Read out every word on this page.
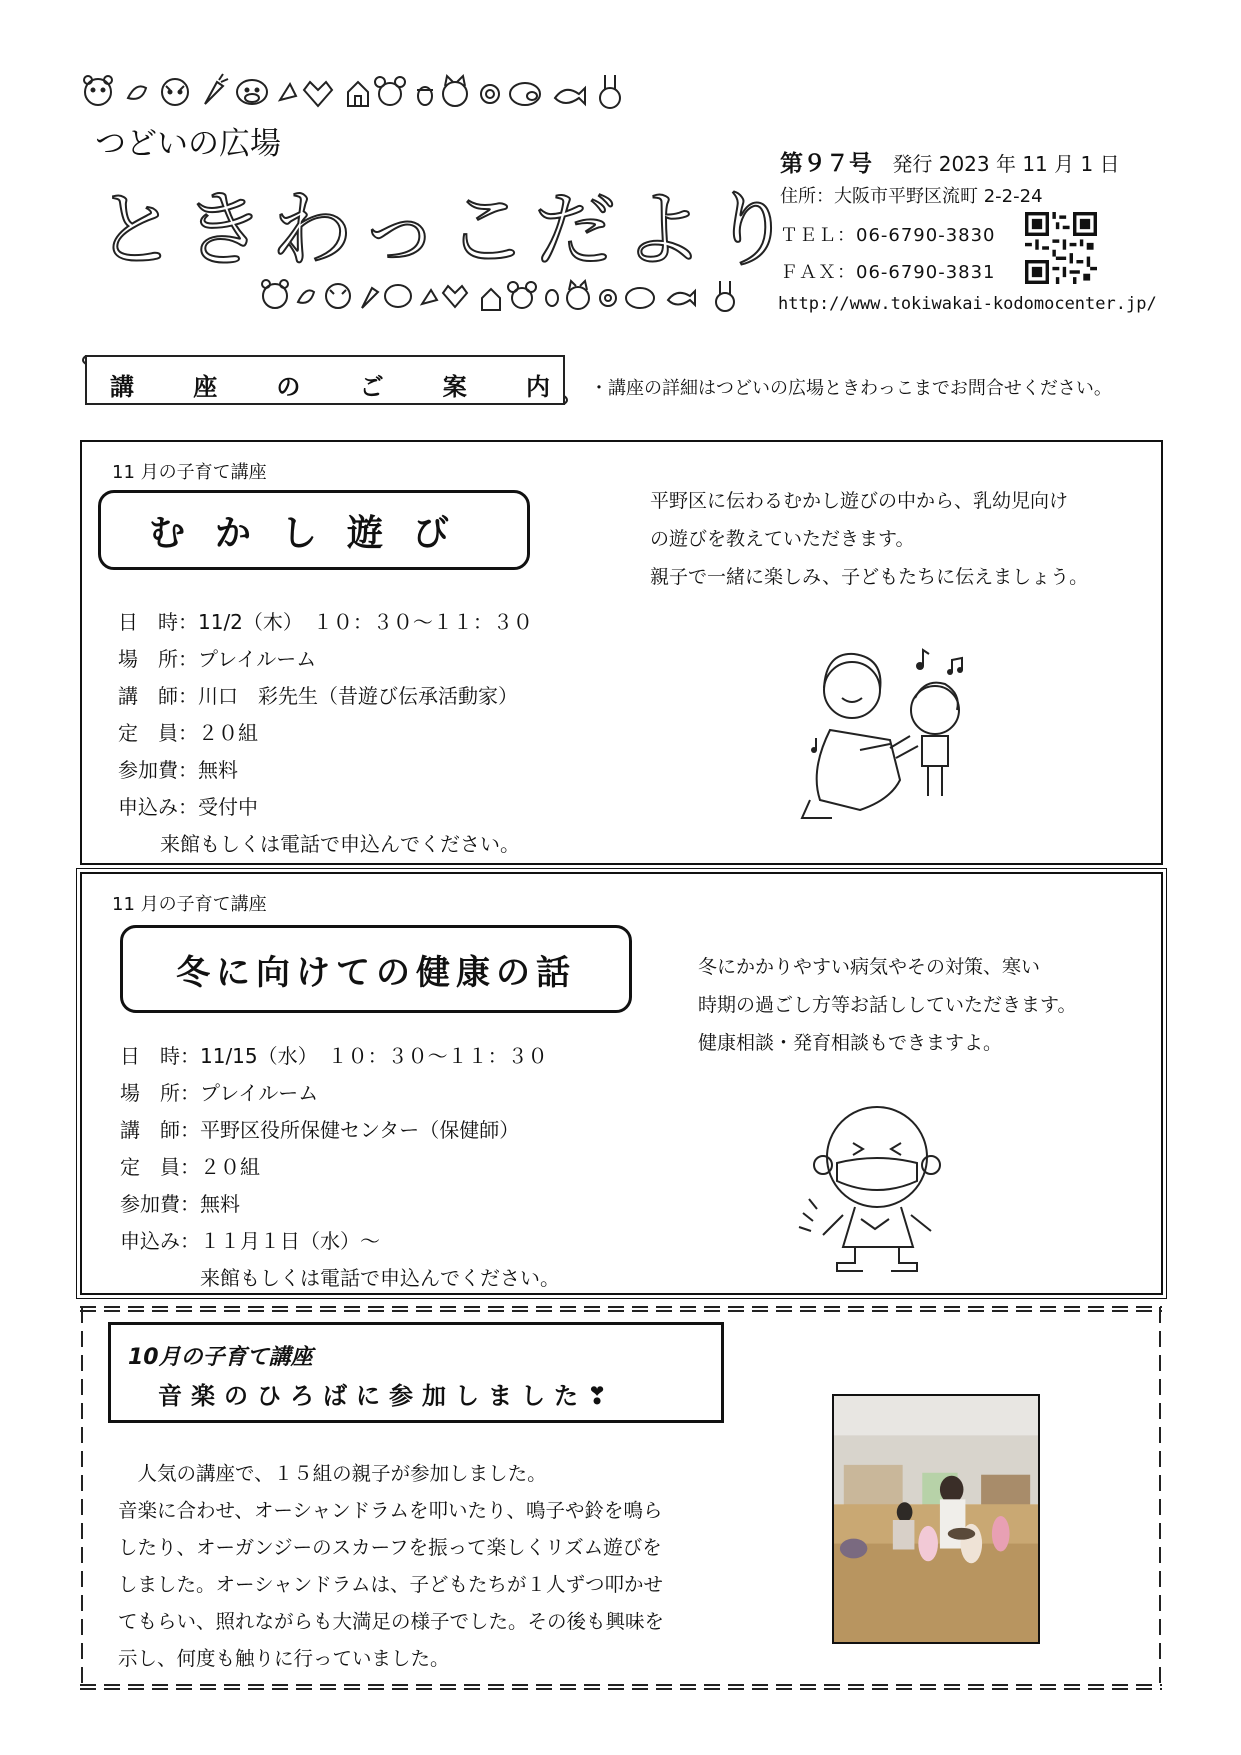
つどいの広場
ときわっこだより
第９７号 発行 2023 年 11 月 1 日
住所：大阪市平野区流町 2-2-24
ＴＥＬ：06-6790-3830
ＦＡＸ：06-6790-3831
http://www.tokiwakai-kodomocenter.jp/
講 座 の ご 案 内 ・講座の詳細はつどいの広場ときわっこまでお問合せください。
11 月の子育て講座
むかし遊び
日　時：11/2（木）　１０：３０〜１１：３０
場　所：プレイルーム
講　師：川口　彩先生（昔遊び伝承活動家）
定　員：２０組
参加費：無料
申込み：受付中
　来館もしくは電話で申込んでください。
平野区に伝わるむかし遊びの中から、乳幼児向け
の遊びを教えていただきます。
親子で一緒に楽しみ、子どもたちに伝えましょう。
11 月の子育て講座
冬に向けての健康の話
日　時：11/15（水）　１０：３０〜１１：３０
場　所：プレイルーム
講　師：平野区役所保健センター（保健師）
定　員：２０組
参加費：無料
申込み：１１月１日（水）〜
　　　　来館もしくは電話で申込んでください。
冬にかかりやすい病気やその対策、寒い
時期の過ごし方等お話ししていただきます。
健康相談・発育相談もできますよ。
10月の子育て講座
音楽のひろばに参加しました❣
　人気の講座で、１５組の親子が参加しました。
音楽に合わせ、オーシャンドラムを叩いたり、鳴子や鈴を鳴ら
したり、オーガンジーのスカーフを振って楽しくリズム遊びを
しました。オーシャンドラムは、子どもたちが１人ずつ叩かせ
てもらい、照れながらも大満足の様子でした。その後も興味を
示し、何度も触りに行っていました。
